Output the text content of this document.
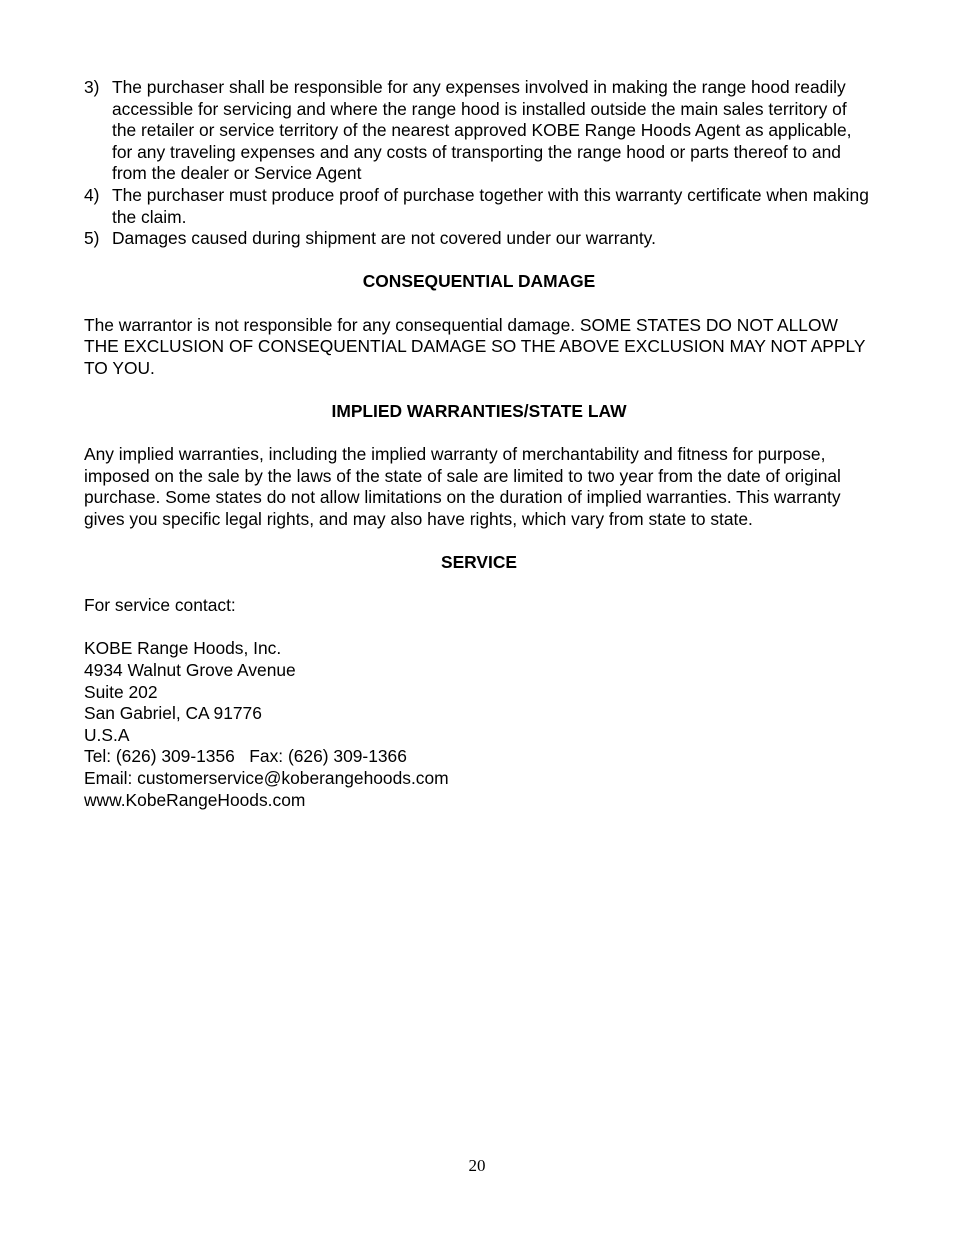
3) The purchaser shall be responsible for any expenses involved in making the range hood readily accessible for servicing and where the range hood is installed outside the main sales territory of the retailer or service territory of the nearest approved KOBE Range Hoods Agent as applicable, for any traveling expenses and any costs of transporting the range hood or parts thereof to and from the dealer or Service Agent
4) The purchaser must produce proof of purchase together with this warranty certificate when making the claim.
5) Damages caused during shipment are not covered under our warranty.
CONSEQUENTIAL DAMAGE

The warrantor is not responsible for any consequential damage. SOME STATES DO NOT ALLOW THE EXCLUSION OF CONSEQUENTIAL DAMAGE SO THE ABOVE EXCLUSION MAY NOT APPLY TO YOU.

IMPLIED WARRANTIES/STATE LAW

Any implied warranties, including the implied warranty of merchantability and fitness for purpose, imposed on the sale by the laws of the state of sale are limited to two year from the date of original purchase. Some states do not allow limitations on the duration of implied warranties. This warranty gives you specific legal rights, and may also have rights, which vary from state to state.

SERVICE

For service contact:

KOBE Range Hoods, Inc.
4934 Walnut Grove Avenue
Suite 202
San Gabriel, CA 91776
U.S.A
Tel: (626) 309-1356   Fax: (626) 309-1366
Email: customerservice@koberangehoods.com
www.KobeRangeHoods.com
20
